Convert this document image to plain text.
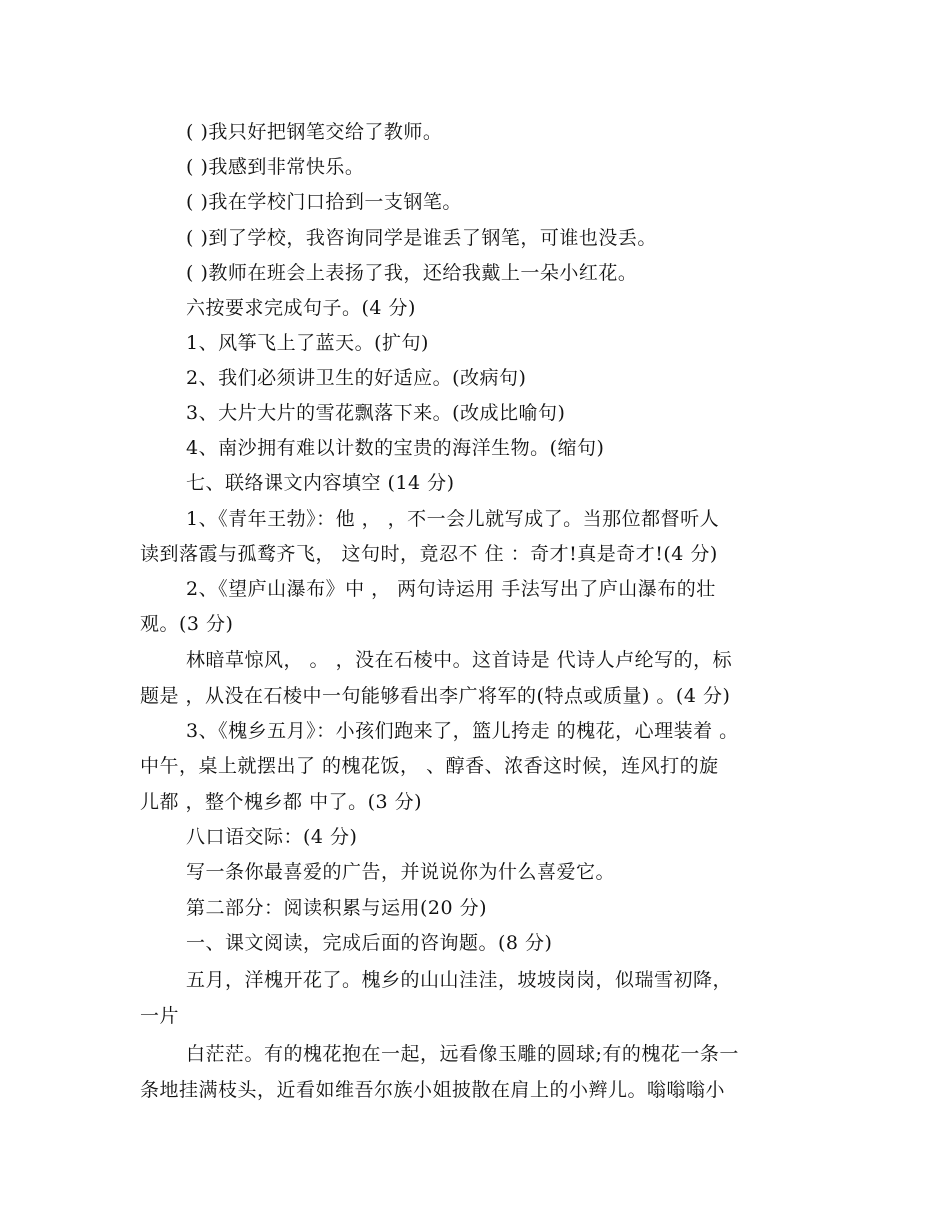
( )我只好把钢笔交给了教师。
( )我感到非常快乐。
( )我在学校门口拾到一支钢笔。
( )到了学校，我咨询同学是谁丢了钢笔，可谁也没丢。
( )教师在班会上表扬了我，还给我戴上一朵小红花。
六按要求完成句子。(4 分)
1、风筝飞上了蓝天。(扩句)
2、我们必须讲卫生的好适应。(改病句)
3、大片大片的雪花飘落下来。(改成比喻句)
4、南沙拥有难以计数的宝贵的海洋生物。(缩句)
七、联络课文内容填空 (14 分)
1、《青年王勃》：他 ， ，不一会儿就写成了。当那位都督听人
读到落霞与孤鹜齐飞， 这句时，竟忍不 住 ：奇才!真是奇才!(4 分)
2、《望庐山瀑布》中 ， 两句诗运用 手法写出了庐山瀑布的壮
观。(3 分)
林暗草惊风， 。 ，没在石棱中。这首诗是 代诗人卢纶写的，标
题是 ，从没在石棱中一句能够看出李广将军的(特点或质量) 。(4 分)
3、《槐乡五月》：小孩们跑来了，篮儿挎走 的槐花，心理装着 。
中午，桌上就摆出了 的槐花饭， 、醇香、浓香这时候，连风打的旋
儿都 ，整个槐乡都 中了。(3 分)
八口语交际：(4 分)
写一条你最喜爱的广告，并说说你为什么喜爱它。
第二部分：阅读积累与运用(20 分)
一、课文阅读，完成后面的咨询题。(8 分)
五月，洋槐开花了。槐乡的山山洼洼，坡坡岗岗，似瑞雪初降，
一片
白茫茫。有的槐花抱在一起，远看像玉雕的圆球;有的槐花一条一
条地挂满枝头，近看如维吾尔族小姐披散在肩上的小辫儿。嗡嗡嗡小
